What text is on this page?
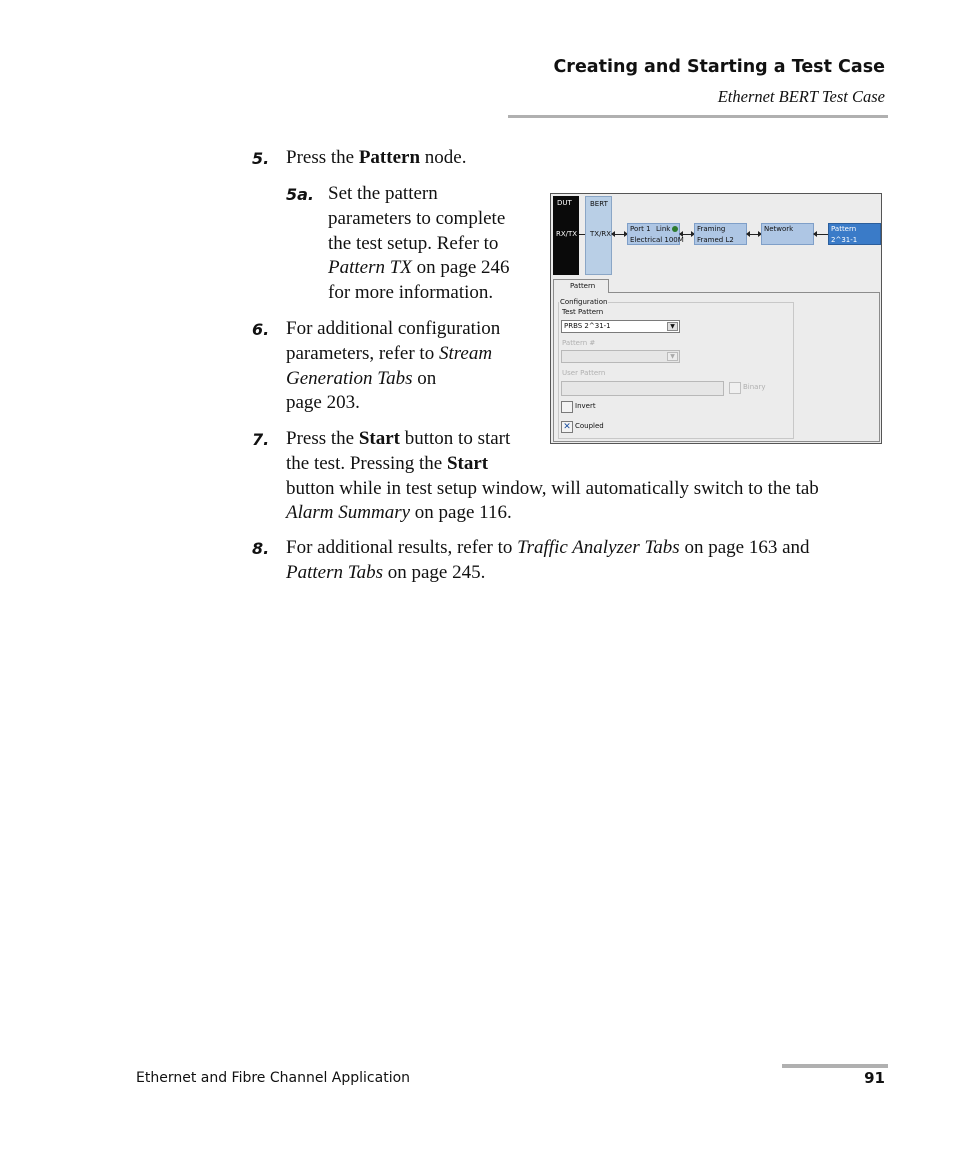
Creating and Starting a Test Case
Ethernet BERT Test Case
5. Press the Pattern node.
5a. Set the pattern
parameters to complete
the test setup. Refer to
Pattern TX on page 246
for more information.
6. For additional configuration
parameters, refer to Stream
Generation Tabs on
page 203.
7. Press the Start button to start
the test. Pressing the Start
button while in test setup window, will automatically switch to the tab
Alarm Summary on page 116.
8. For additional results, refer to Traffic Analyzer Tabs on page 163 and
Pattern Tabs on page 245.
DUT
RX/TX
BERT
TX/RX
Port 1 Link
Electrical 100M
Framing
Framed L2
Network	Pattern
2^31-1
Pattern
Configuration
Test Pattern
PRBS 2^31-1	▼
Pattern #
▼
User Pattern
Binary
Invert
✕ Coupled
Ethernet and Fibre Channel Application	91
